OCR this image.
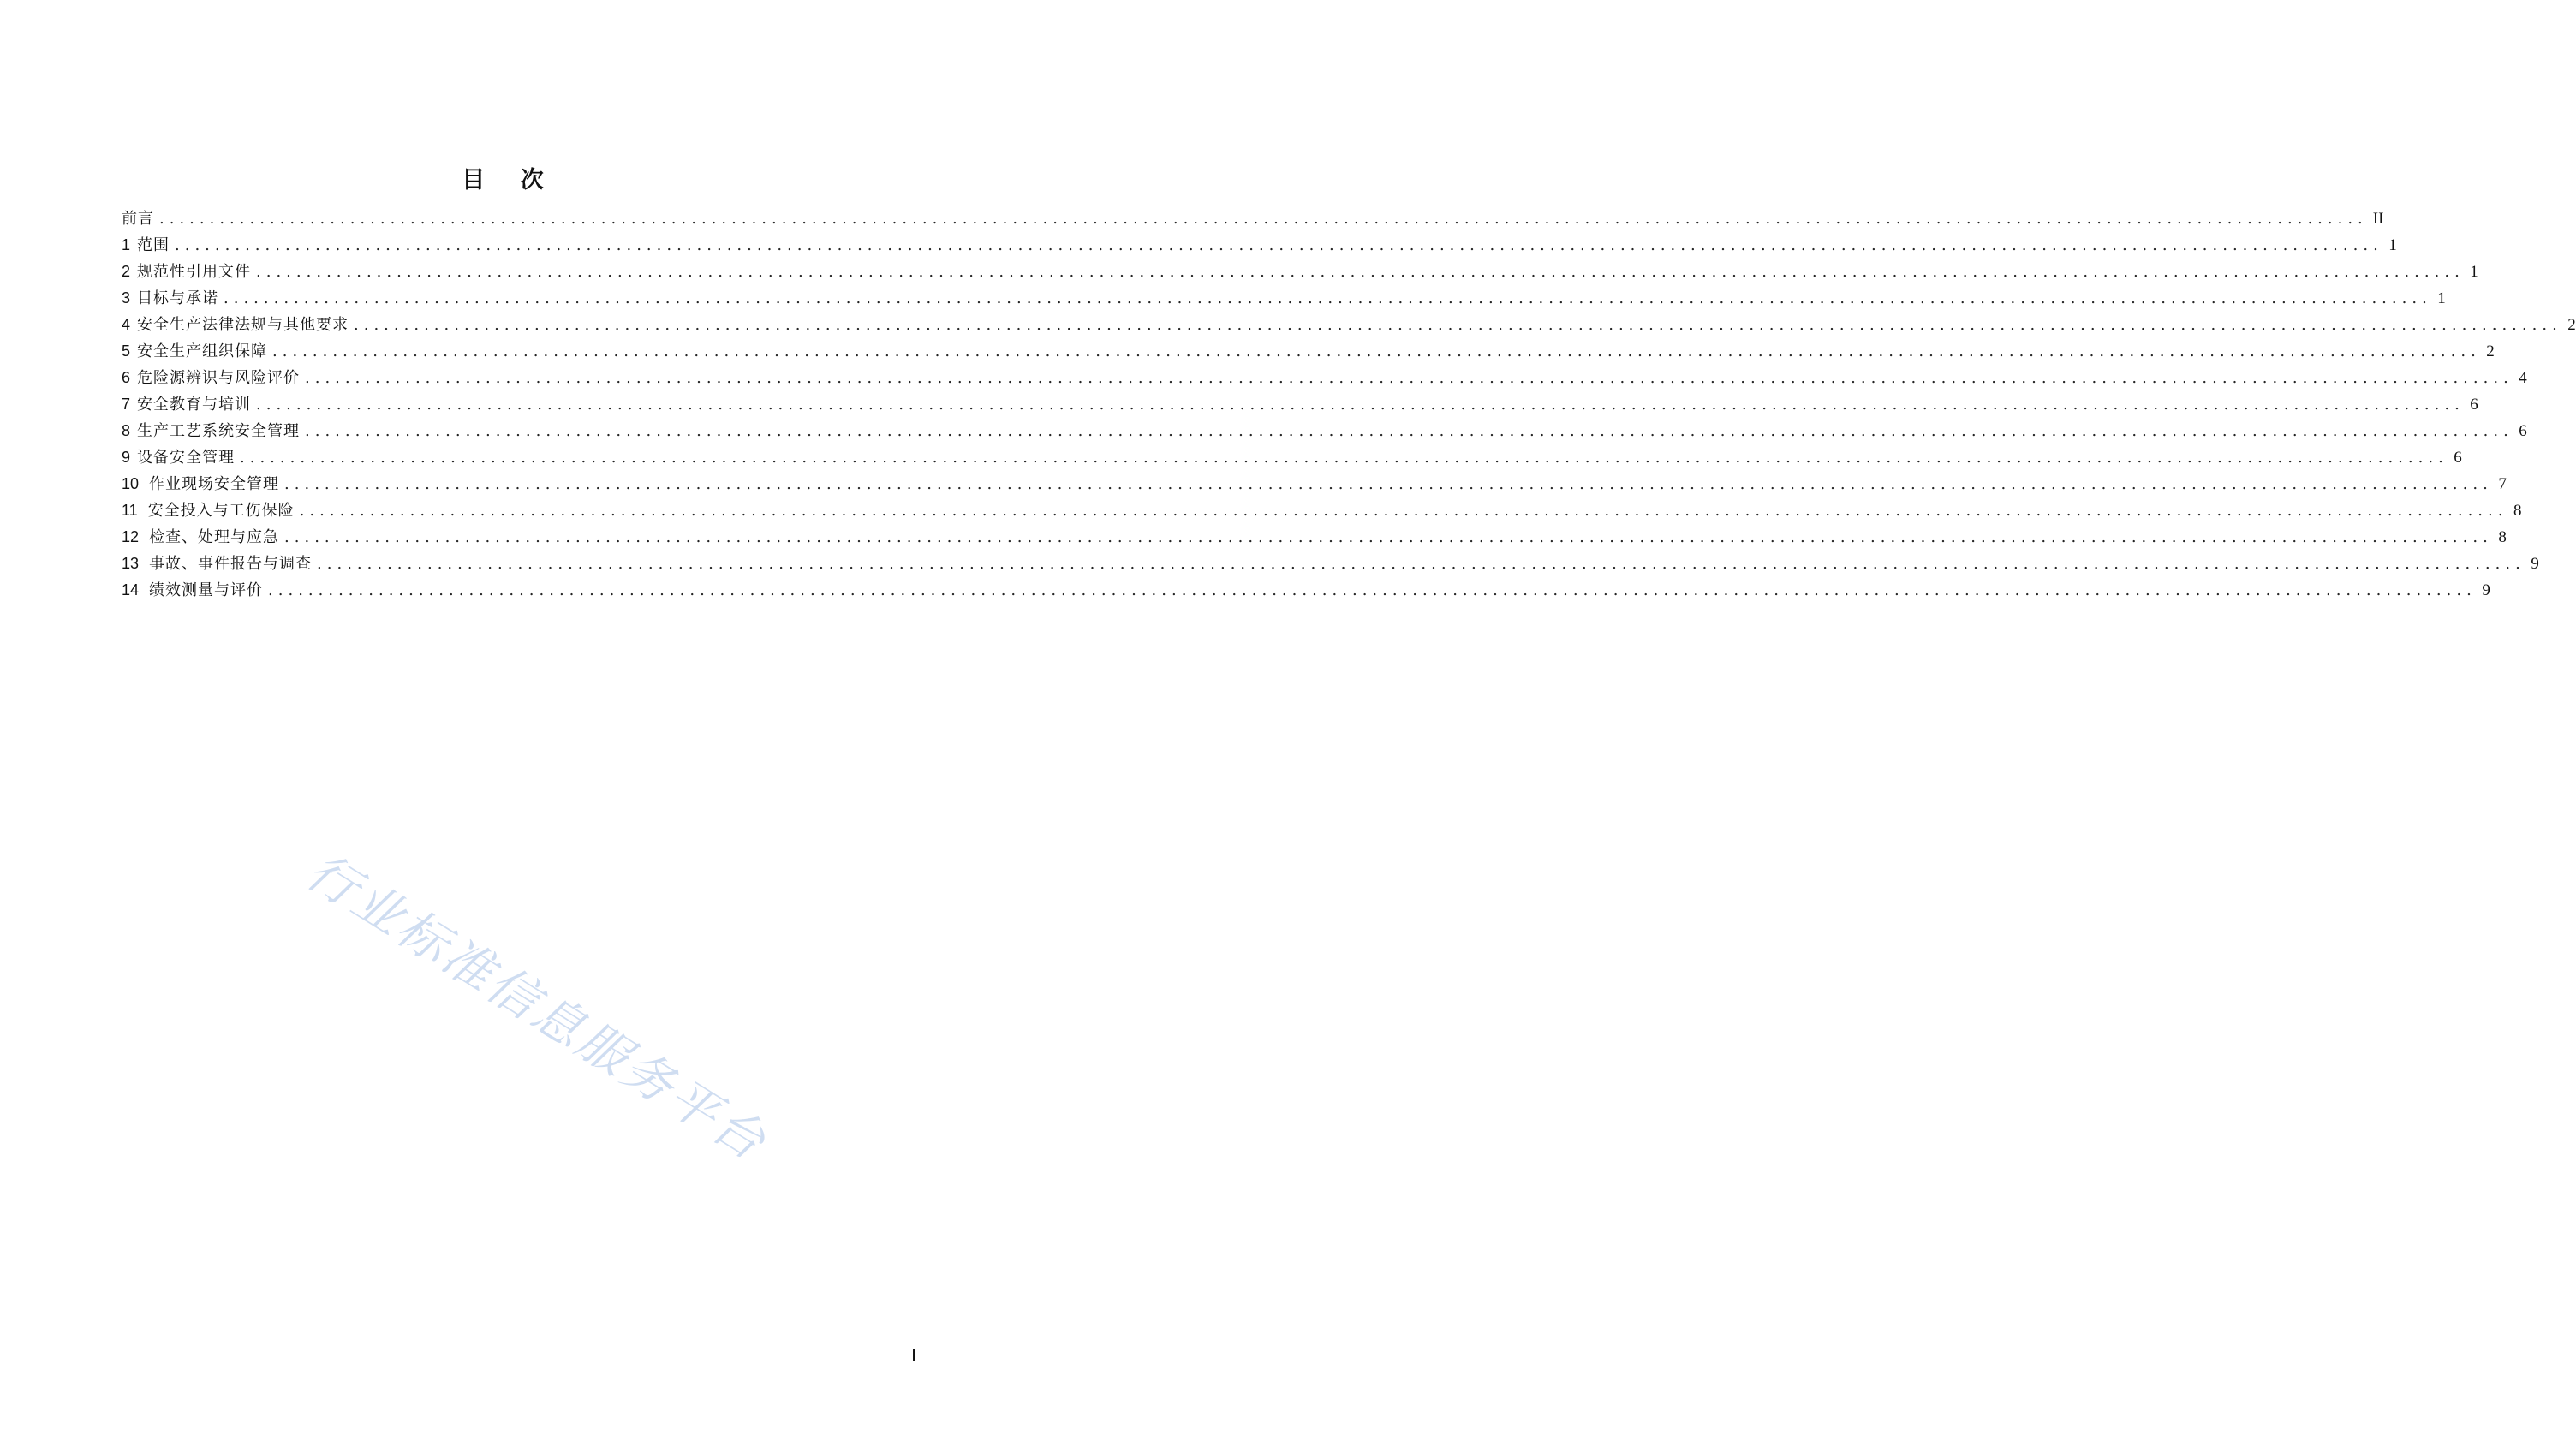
目 次
前言 ............................................................................................................................................................................................................................ II
1 范围 ............................................................................................................................................................................................................................ 1
2 规范性引用文件 ............................................................................................................................................................................................................................ 1
3 目标与承诺 ............................................................................................................................................................................................................................ 1
4 安全生产法律法规与其他要求 ............................................................................................................................................................................................................................ 2
5 安全生产组织保障 ............................................................................................................................................................................................................................ 2
6 危险源辨识与风险评价 ............................................................................................................................................................................................................................ 4
7 安全教育与培训 ............................................................................................................................................................................................................................ 6
8 生产工艺系统安全管理 ............................................................................................................................................................................................................................ 6
9 设备安全管理 ............................................................................................................................................................................................................................ 6
10 作业现场安全管理 ............................................................................................................................................................................................................................ 7
11 安全投入与工伤保险 ............................................................................................................................................................................................................................ 8
12 检查、处理与应急 ............................................................................................................................................................................................................................ 8
13 事故、事件报告与调查 ............................................................................................................................................................................................................................ 9
14 绩效测量与评价 ............................................................................................................................................................................................................................ 9
行业标准信息服务平台
I
